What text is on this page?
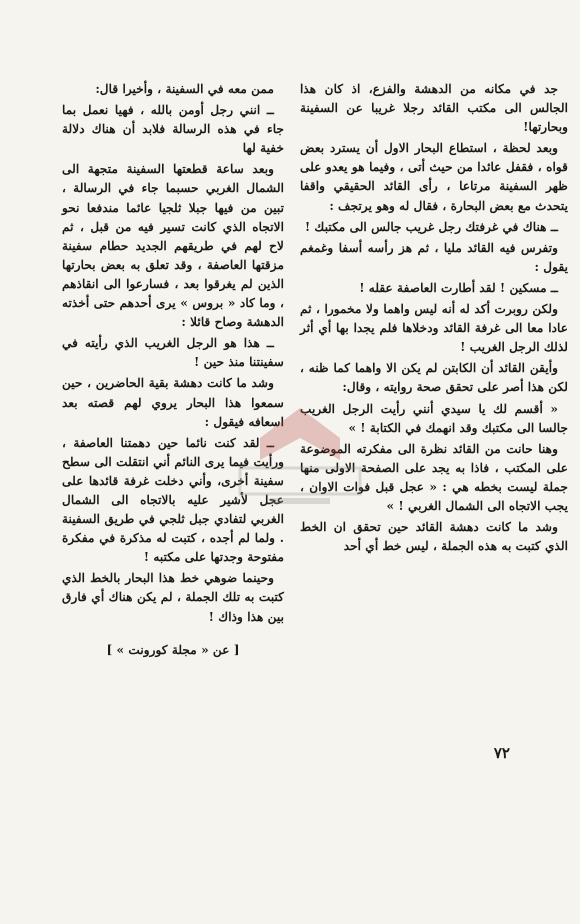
جد في مكانه من الدهشة والفزع، اذ كان هذا الجالس الى مكتب القائد رجلا غريبا عن السفينة وبحارتها!

وبعد لحظة ، استطاع البحار الاول أن يسترد بعض قواه ، فقفل عائدا من حيث أتى ، وفيما هو يعدو على ظهر السفينة مرتاعا ، رأى القائد الحقيقي واقفا يتحدث مع بعض البحارة ، فقال له وهو يرتجف :

ــ هناك في غرفتك رجل غريب جالس الى مكتبك !

وتفرس فيه القائد مليا ، ثم هز رأسه أسفا وغمغم يقول :

ــ مسكين ! لقد أطارت العاصفة عقله !

ولكن روبرت أكد له أنه ليس واهما ولا مخمورا ، ثم عادا معا الى غرفة القائد ودخلاها فلم يجدا بها أي أثر لذلك الرجل الغريب !

وأيقن القائد أن الكابتن لم يكن الا واهما كما ظنه ، لكن هذا أصر على تحقق صحة روايته ، وقال:

« أقسم لك يا سيدي أنني رأيت الرجل الغريب جالسا الى مكتبك وقد انهمك في الكتابة ! »

وهنا حانت من القائد نظرة الى مفكرته الموضوعة على المكتب ، فاذا به يجد على الصفحة الاولى منها جملة ليست بخطه هي : « عجل قبل فوات الاوان ، يجب الاتجاه الى الشمال الغربي ! »

وشد ما كانت دهشة القائد حين تحقق ان الخط الذي كتبت به هذه الجملة ، ليس خط أي أحد

ممن معه في السفينة ، وأخيرا قال:

ــ انني رجل أومن بالله ، فهيا نعمل بما جاء في هذه الرسالة فلابد أن هناك دلالة خفية لها

وبعد ساعة قطعتها السفينة متجهة الى الشمال الغربي حسبما جاء في الرسالة ، تبين من فيها جبلا ثلجيا عائما مندفعا نحو الاتجاه الذي كانت تسير فيه من قبل ، ثم لاح لهم في طريقهم الجديد حطام سفينة مزقتها العاصفة ، وقد تعلق به بعض بحارتها الذين لم يغرقوا بعد ، فسارعوا الى انقاذهم ، وما كاد « بروس » يرى أحدهم حتى أخذته الدهشة وصاح قائلا :

ــ هذا هو الرجل الغريب الذي رأيته في سفينتنا منذ حين !

وشد ما كانت دهشة بقية الحاضرين ، حين سمعوا هذا البحار يروي لهم قصته بعد اسعافه فيقول :

ــ لقد كنت نائما حين دهمتنا العاصفة ، ورأيت فيما يرى النائم أني انتقلت الى سطح سفينة أخرى، وأني دخلت غرفة قائدها على عجل لأشير عليه بالاتجاه الى الشمال الغربي لتفادي جبل ثلجي في طريق السفينة . ولما لم أجده ، كتبت له مذكرة في مفكرة مفتوحة وجدتها على مكتبه !

وحينما ضوهي خط هذا البحار بالخط الذي كتبت به تلك الجملة ، لم يكن هناك أي فارق بين هذا وذاك !

[ عن « مجلة كورونت » ]

٧٢
